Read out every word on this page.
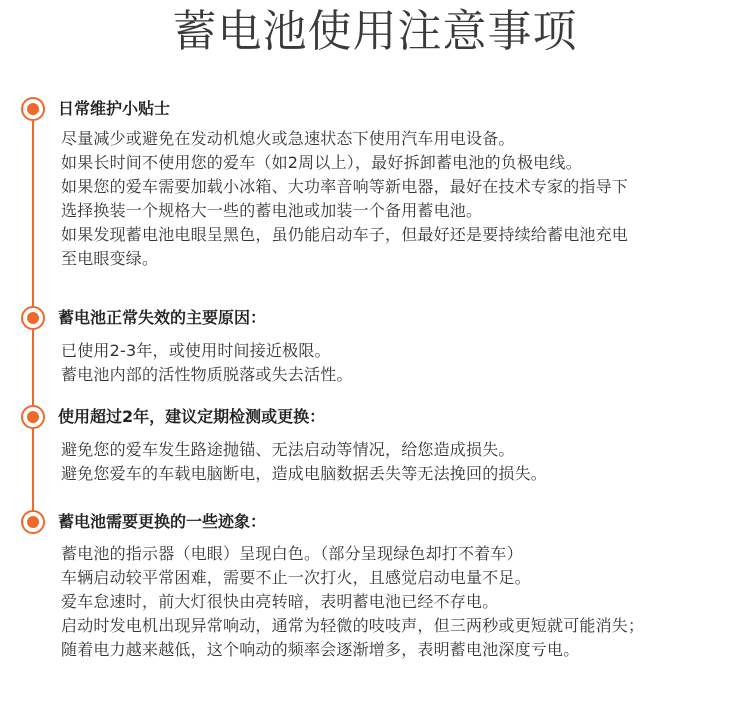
蓄电池使用注意事项
日常维护小贴士
尽量减少或避免在发动机熄火或急速状态下使用汽车用电设备。
如果长时间不使用您的爱车（如2周以上），最好拆卸蓄电池的负极电线。
如果您的爱车需要加载小冰箱、大功率音响等新电器，最好在技术专家的指导下
选择换装一个规格大一些的蓄电池或加装一个备用蓄电池。
如果发现蓄电池电眼呈黑色，虽仍能启动车子，但最好还是要持续给蓄电池充电
至电眼变绿。
蓄电池正常失效的主要原因：
已使用2-3年，或使用时间接近极限。
蓄电池内部的活性物质脱落或失去活性。
使用超过2年，建议定期检测或更换：
避免您的爱车发生路途抛锚、无法启动等情况，给您造成损失。
避免您爱车的车载电脑断电，造成电脑数据丢失等无法挽回的损失。
蓄电池需要更换的一些迹象：
蓄电池的指示器（电眼）呈现白色。（部分呈现绿色却打不着车）
车辆启动较平常困难，需要不止一次打火，且感觉启动电量不足。
爱车怠速时，前大灯很快由亮转暗，表明蓄电池已经不存电。
启动时发电机出现异常响动，通常为轻微的吱吱声，但三两秒或更短就可能消失；
随着电力越来越低，这个响动的频率会逐渐增多，表明蓄电池深度亏电。
